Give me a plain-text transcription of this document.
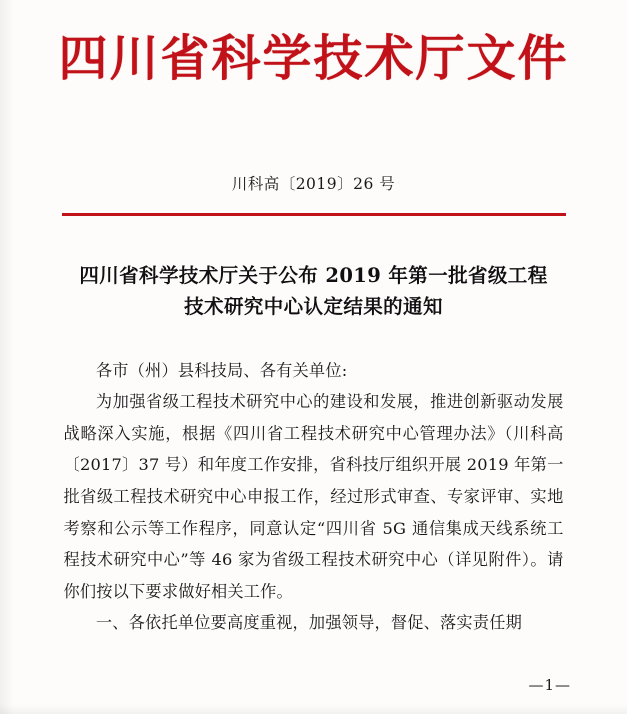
四川省科学技术厅文件
川科高〔2019〕26 号
四川省科学技术厅关于公布 2019 年第一批省级工程技术研究中心认定结果的通知

各市（州）县科技局、各有关单位:

为加强省级工程技术研究中心的建设和发展，推进创新驱动发展战略深入实施，根据《四川省工程技术研究中心管理办法》（川科高〔2017〕37 号）和年度工作安排，省科技厅组织开展 2019 年第一批省级工程技术研究中心申报工作，经过形式审查、专家评审、实地考察和公示等工作程序，同意认定“四川省 5G 通信集成天线系统工程技术研究中心”等 46 家为省级工程技术研究中心（详见附件）。请你们按以下要求做好相关工作。

一、各依托单位要高度重视，加强领导，督促、落实责任期

—1—
